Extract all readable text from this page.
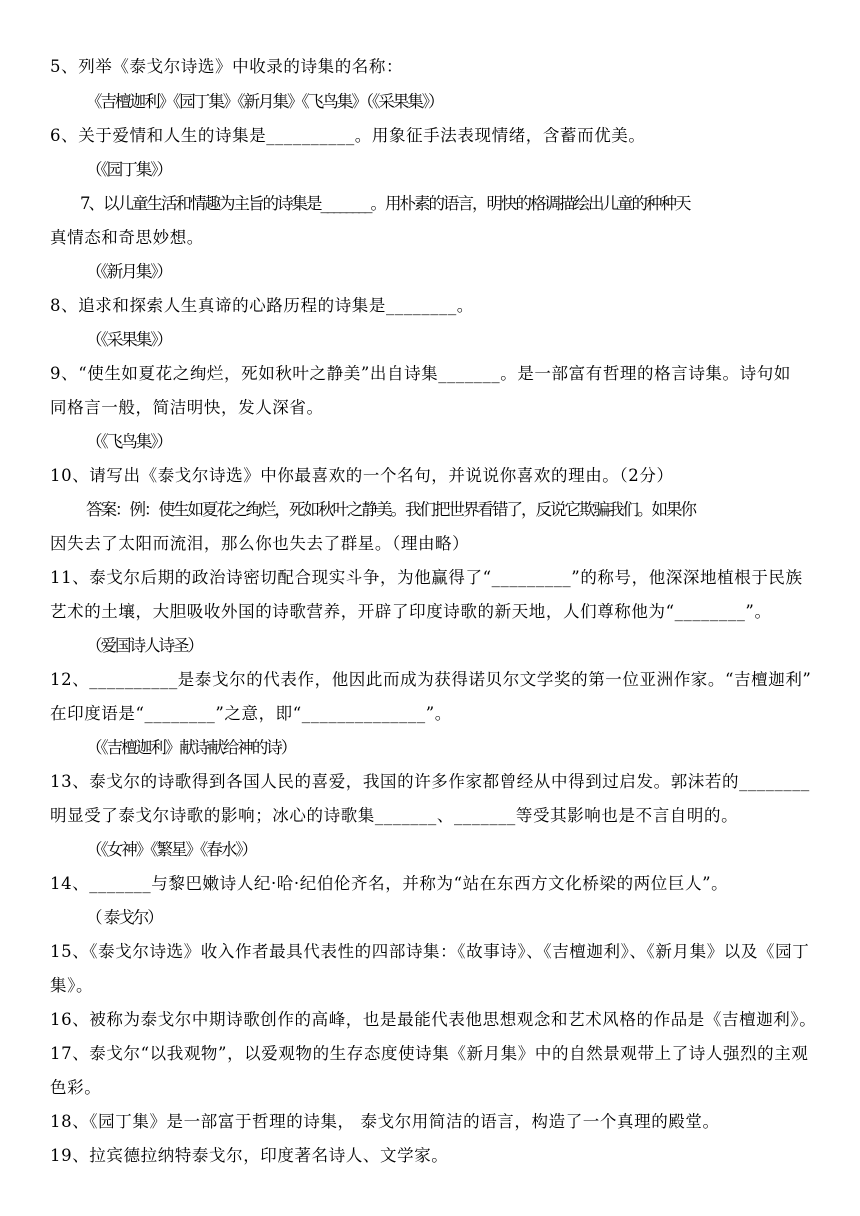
5、列举《泰戈尔诗选》中收录的诗集的名称：
《吉檀迦利》《园丁集》《新月集》《飞鸟集》（《采果集》）
6、关于爱情和人生的诗集是__________。用象征手法表现情绪，含蓄而优美。
（《园丁集》）
7、以儿童生活和情趣为主旨的诗集是________。用朴素的语言，明快的格调描绘出儿童的种种天
真情态和奇思妙想。
（《新月集》）
8、追求和探索人生真谛的心路历程的诗集是________。
（《采果集》）
9、“使生如夏花之绚烂，死如秋叶之静美”出自诗集_______。是一部富有哲理的格言诗集。诗句如
同格言一般，简洁明快，发人深省。
（《飞鸟集》）
10、请写出《泰戈尔诗选》中你最喜欢的一个名句，并说说你喜欢的理由。（2分）
答案：例：使生如夏花之绚烂，死如秋叶之静美。我们把世界看错了，反说它欺骗我们。如果你
因失去了太阳而流泪，那么你也失去了群星。（理由略）
11、泰戈尔后期的政治诗密切配合现实斗争，为他赢得了“_________”的称号，他深深地植根于民族
艺术的土壤，大胆吸收外国的诗歌营养，开辟了印度诗歌的新天地，人们尊称他为“________”。
（爱国诗人诗圣）
12、__________是泰戈尔的代表作，他因此而成为获得诺贝尔文学奖的第一位亚洲作家。“吉檀迦利”
在印度语是“________”之意，即“______________”。
（《吉檀迦利》献诗献给神的诗）
13、泰戈尔的诗歌得到各国人民的喜爱，我国的许多作家都曾经从中得到过启发。郭沫若的________
明显受了泰戈尔诗歌的影响；冰心的诗歌集_______、_______等受其影响也是不言自明的。
（《女神》《繁星》《春水》）
14、_______与黎巴嫩诗人纪·哈·纪伯伦齐名，并称为“站在东西方文化桥梁的两位巨人”。
（ 泰戈尔）
15、《泰戈尔诗选》收入作者最具代表性的四部诗集：《故事诗》、《吉檀迦利》、《新月集》以及《园丁
集》。
16、被称为泰戈尔中期诗歌创作的高峰，也是最能代表他思想观念和艺术风格的作品是《吉檀迦利》。
17、泰戈尔“以我观物”，以爱观物的生存态度使诗集《新月集》中的自然景观带上了诗人强烈的主观
色彩。
18、《园丁集》是一部富于哲理的诗集， 泰戈尔用简洁的语言，构造了一个真理的殿堂。
19、拉宾德拉纳特泰戈尔，印度著名诗人、文学家。
